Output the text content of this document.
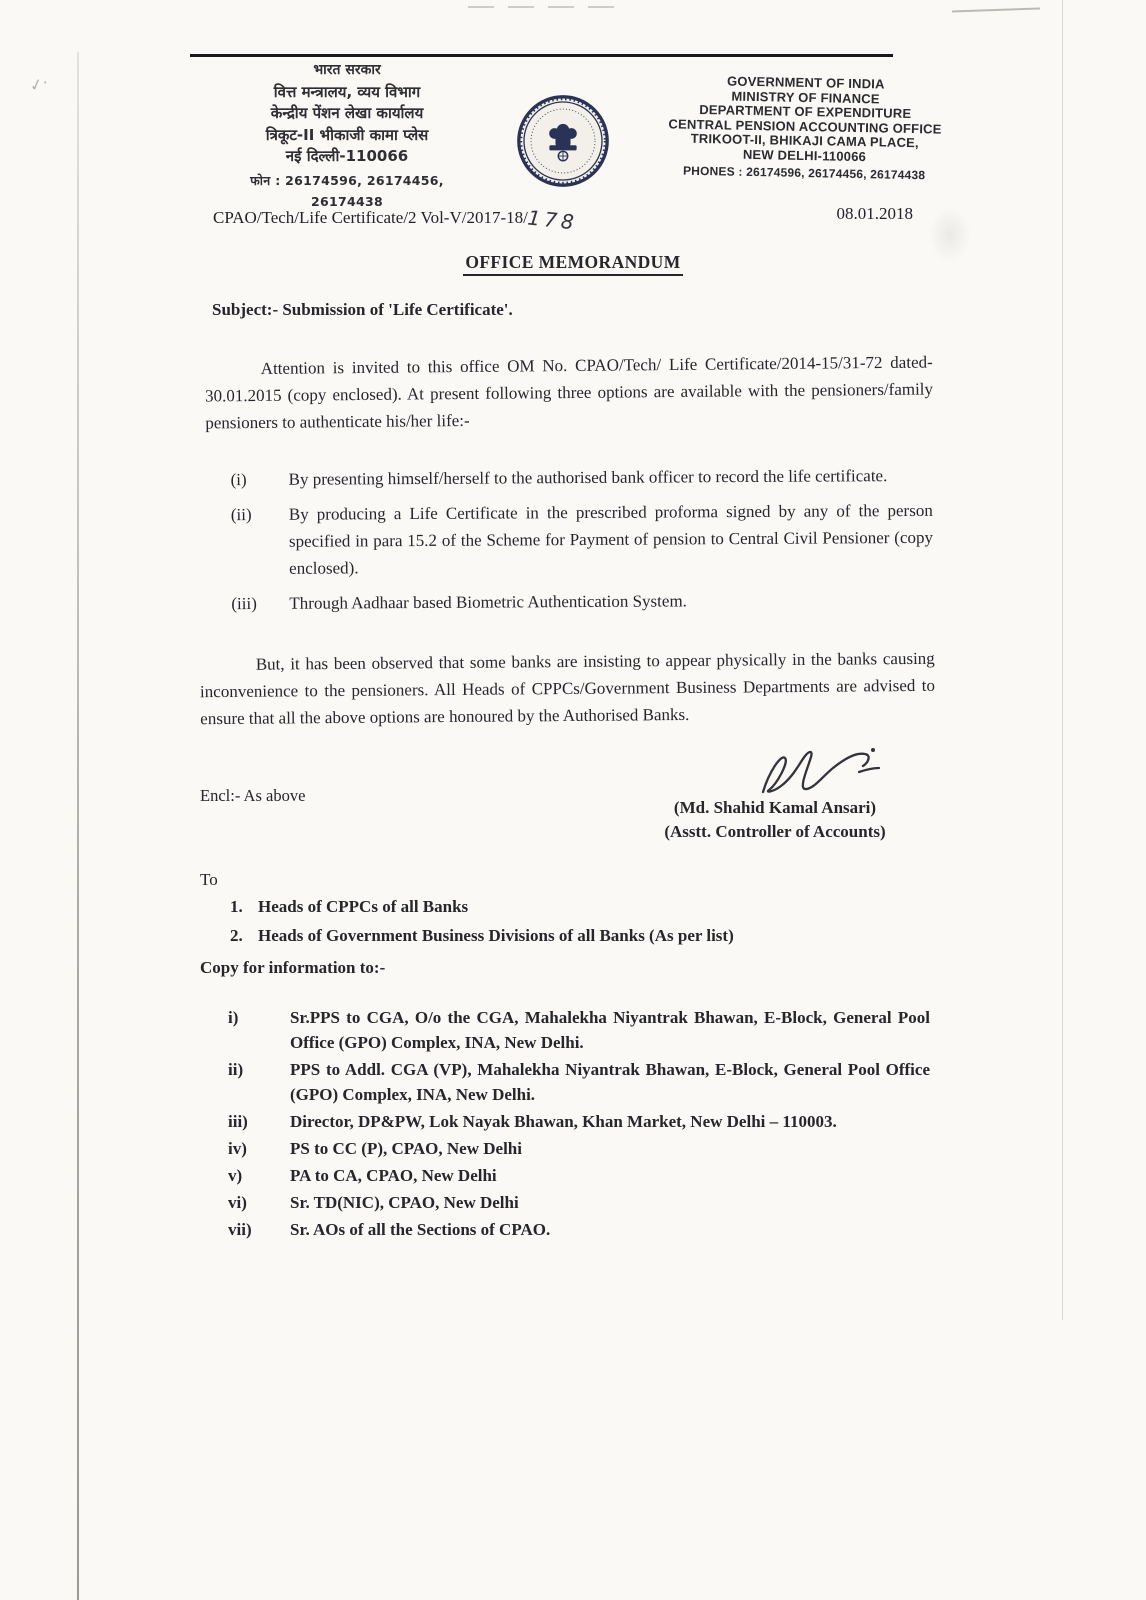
✓·
भारत सरकार
वित्त मन्त्रालय, व्यय विभाग
केन्द्रीय पेंशन लेखा कार्यालय
त्रिकूट-II भीकाजी कामा प्लेस
नई दिल्ली-110066
फोन : 26174596, 26174456, 26174438
GOVERNMENT OF INDIA
MINISTRY OF FINANCE
DEPARTMENT OF EXPENDITURE
CENTRAL PENSION ACCOUNTING OFFICE
TRIKOOT-II, BHIKAJI CAMA PLACE,
NEW DELHI-110066
PHONES : 26174596, 26174456, 26174438
CPAO/Tech/Life Certificate/2 Vol-V/2017-18/178	08.01.2018
OFFICE MEMORANDUM
Subject:- Submission of 'Life Certificate'.

Attention is invited to this office OM No. CPAO/Tech/ Life Certificate/2014-15/31-72 dated-30.01.2015 (copy enclosed). At present following three options are available with the pensioners/family pensioners to authenticate his/her life:-

(i)	By presenting himself/herself to the authorised bank officer to record the life certificate.
(ii)	By producing a Life Certificate in the prescribed proforma signed by any of the person specified in para 15.2 of the Scheme for Payment of pension to Central Civil Pensioner (copy enclosed).
(iii)	Through Aadhaar based Biometric Authentication System.

But, it has been observed that some banks are insisting to appear physically in the banks causing inconvenience to the pensioners. All Heads of CPPCs/Government Business Departments are advised to ensure that all the above options are honoured by the Authorised Banks.

Encl:- As above
(Md. Shahid Kamal Ansari)
(Asstt. Controller of Accounts)
To
1. Heads of CPPCs of all Banks
2. Heads of Government Business Divisions of all Banks (As per list)
Copy for information to:-
i)	Sr.PPS to CGA, O/o the CGA, Mahalekha Niyantrak Bhawan, E-Block, General Pool Office (GPO) Complex, INA, New Delhi.
ii)	PPS to Addl. CGA (VP), Mahalekha Niyantrak Bhawan, E-Block, General Pool Office (GPO) Complex, INA, New Delhi.
iii)	Director, DP&PW, Lok Nayak Bhawan, Khan Market, New Delhi – 110003.
iv)	PS to CC (P), CPAO, New Delhi
v)	PA to CA, CPAO, New Delhi
vi)	Sr. TD(NIC), CPAO, New Delhi
vii)	Sr. AOs of all the Sections of CPAO.
